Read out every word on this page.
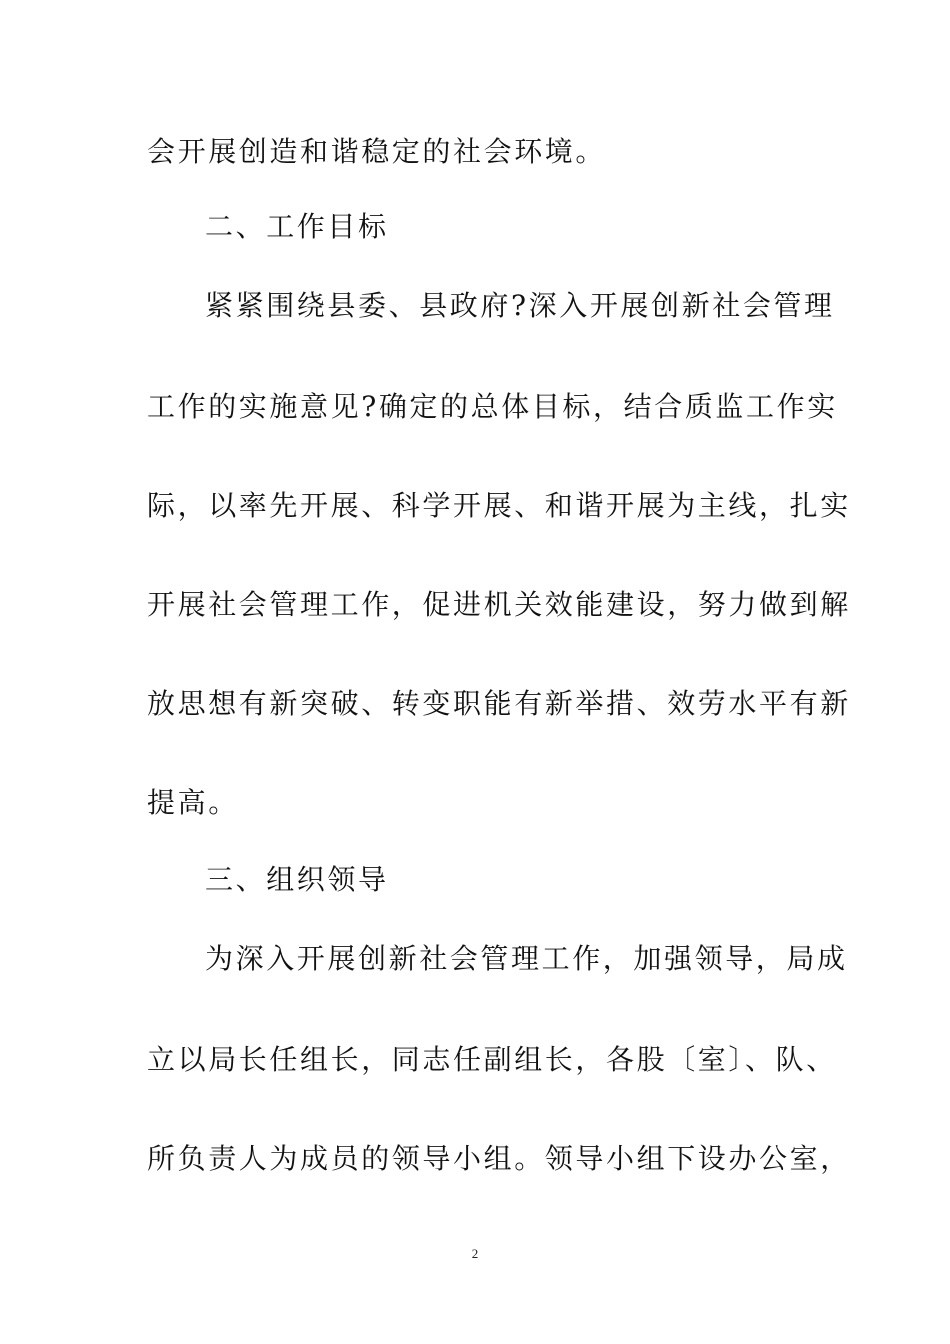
会开展创造和谐稳定的社会环境。
二、工作目标
紧紧围绕县委、县政府?深入开展创新社会管理
工作的实施意见?确定的总体目标，结合质监工作实
际，以率先开展、科学开展、和谐开展为主线，扎实
开展社会管理工作，促进机关效能建设，努力做到解
放思想有新突破、转变职能有新举措、效劳水平有新
提高。
三、组织领导
为深入开展创新社会管理工作，加强领导，局成
立以局长任组长，同志任副组长，各股〔室〕、队、
所负责人为成员的领导小组。领导小组下设办公室，
2
